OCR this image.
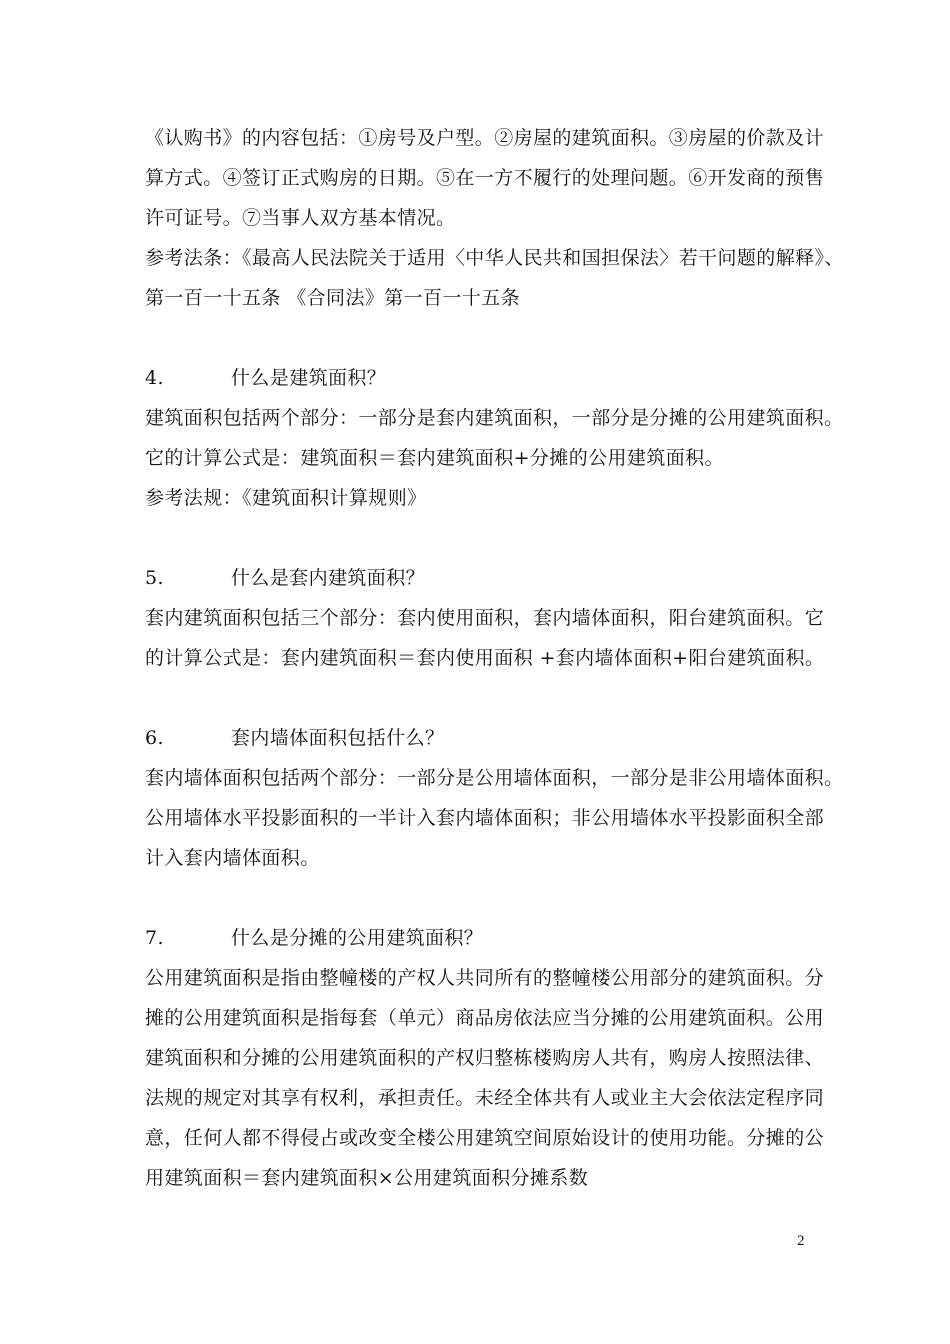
《认购书》的内容包括：①房号及户型。②房屋的建筑面积。③房屋的价款及计
算方式。④签订正式购房的日期。⑤在一方不履行的处理问题。⑥开发商的预售
许可证号。⑦当事人双方基本情况。
参考法条：《最高人民法院关于适用〈中华人民共和国担保法〉若干问题的解释》、
第一百一十五条 《合同法》第一百一十五条
4.	什么是建筑面积？
建筑面积包括两个部分：一部分是套内建筑面积，一部分是分摊的公用建筑面积。
它的计算公式是：建筑面积＝套内建筑面积+分摊的公用建筑面积。
参考法规：《建筑面积计算规则》
5.	什么是套内建筑面积？
套内建筑面积包括三个部分：套内使用面积，套内墙体面积，阳台建筑面积。它
的计算公式是：套内建筑面积＝套内使用面积 +套内墙体面积+阳台建筑面积。
6.	套内墙体面积包括什么？
套内墙体面积包括两个部分：一部分是公用墙体面积，一部分是非公用墙体面积。
公用墙体水平投影面积的一半计入套内墙体面积；非公用墙体水平投影面积全部
计入套内墙体面积。
7.	什么是分摊的公用建筑面积？
公用建筑面积是指由整幢楼的产权人共同所有的整幢楼公用部分的建筑面积。分
摊的公用建筑面积是指每套（单元）商品房依法应当分摊的公用建筑面积。公用
建筑面积和分摊的公用建筑面积的产权归整栋楼购房人共有，购房人按照法律、
法规的规定对其享有权利，承担责任。未经全体共有人或业主大会依法定程序同
意，任何人都不得侵占或改变全楼公用建筑空间原始设计的使用功能。分摊的公
用建筑面积＝套内建筑面积×公用建筑面积分摊系数
2
